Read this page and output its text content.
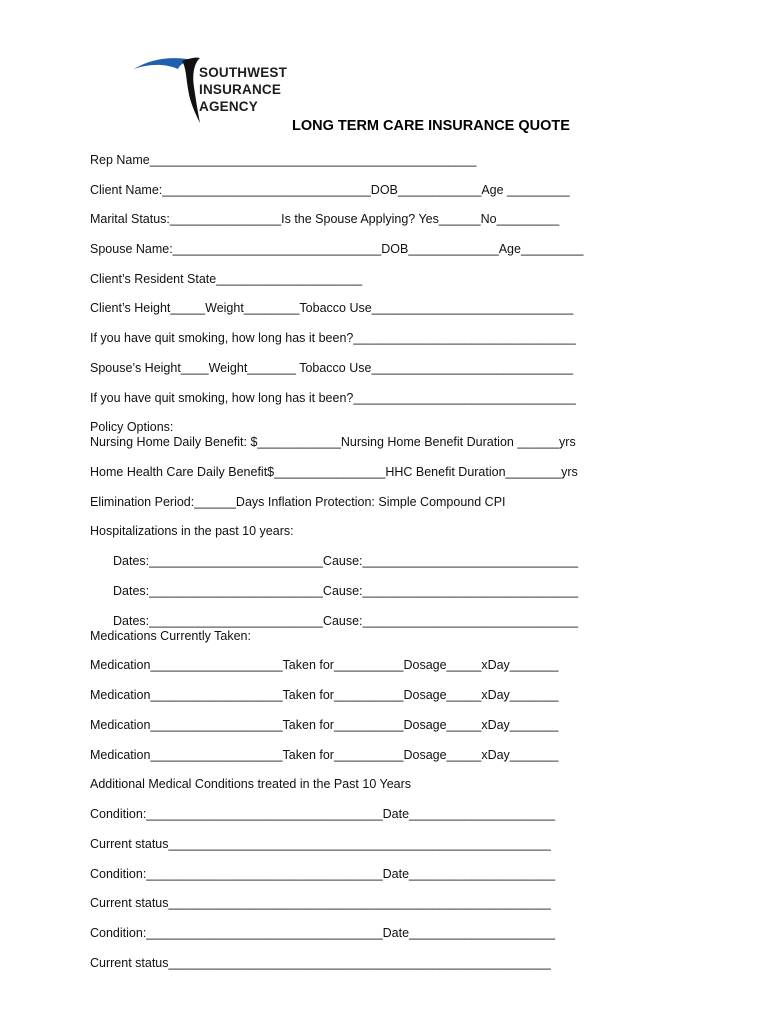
SOUTHWEST
INSURANCE
AGENCY
LONG TERM CARE INSURANCE QUOTE
Rep Name_______________________________________________
Client Name:______________________________DOB____________Age _________
Marital Status:________________Is the Spouse Applying? Yes______No_________
Spouse Name:______________________________DOB_____________Age_________
Client’s Resident State_____________________
Client’s Height_____Weight________Tobacco Use_____________________________
If you have quit smoking, how long has it been?________________________________
Spouse’s Height____Weight_______ Tobacco Use_____________________________
If you have quit smoking, how long has it been?________________________________
Policy Options:
Nursing Home Daily Benefit: $____________Nursing Home Benefit Duration ______yrs
Home Health Care Daily Benefit$________________HHC Benefit Duration________yrs
Elimination Period:______Days Inflation Protection: Simple Compound CPI
Hospitalizations in the past 10 years:
Dates:_________________________Cause:_______________________________
Dates:_________________________Cause:_______________________________
Dates:_________________________Cause:_______________________________
Medications Currently Taken:
Medication___________________Taken for__________Dosage_____xDay_______
Medication___________________Taken for__________Dosage_____xDay_______
Medication___________________Taken for__________Dosage_____xDay_______
Medication___________________Taken for__________Dosage_____xDay_______
Additional Medical Conditions treated in the Past 10 Years
Condition:__________________________________Date_____________________
Current status_______________________________________________________
Condition:__________________________________Date_____________________
Current status_______________________________________________________
Condition:__________________________________Date_____________________
Current status_______________________________________________________
